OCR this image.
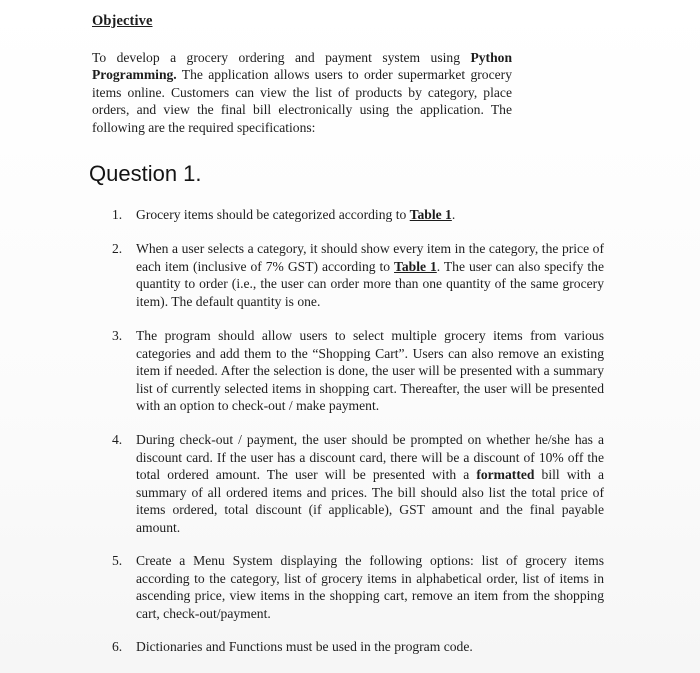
Objective
To develop a grocery ordering and payment system using Python Programming. The application allows users to order supermarket grocery items online. Customers can view the list of products by category, place orders, and view the final bill electronically using the application. The following are the required specifications:
Question 1.
1. Grocery items should be categorized according to Table 1.
2. When a user selects a category, it should show every item in the category, the price of each item (inclusive of 7% GST) according to Table 1. The user can also specify the quantity to order (i.e., the user can order more than one quantity of the same grocery item). The default quantity is one.
3. The program should allow users to select multiple grocery items from various categories and add them to the “Shopping Cart”. Users can also remove an existing item if needed. After the selection is done, the user will be presented with a summary list of currently selected items in shopping cart. Thereafter, the user will be presented with an option to check-out / make payment.
4. During check-out / payment, the user should be prompted on whether he/she has a discount card. If the user has a discount card, there will be a discount of 10% off the total ordered amount. The user will be presented with a formatted bill with a summary of all ordered items and prices. The bill should also list the total price of items ordered, total discount (if applicable), GST amount and the final payable amount.
5. Create a Menu System displaying the following options: list of grocery items according to the category, list of grocery items in alphabetical order, list of items in ascending price, view items in the shopping cart, remove an item from the shopping cart, check-out/payment.
6. Dictionaries and Functions must be used in the program code.
